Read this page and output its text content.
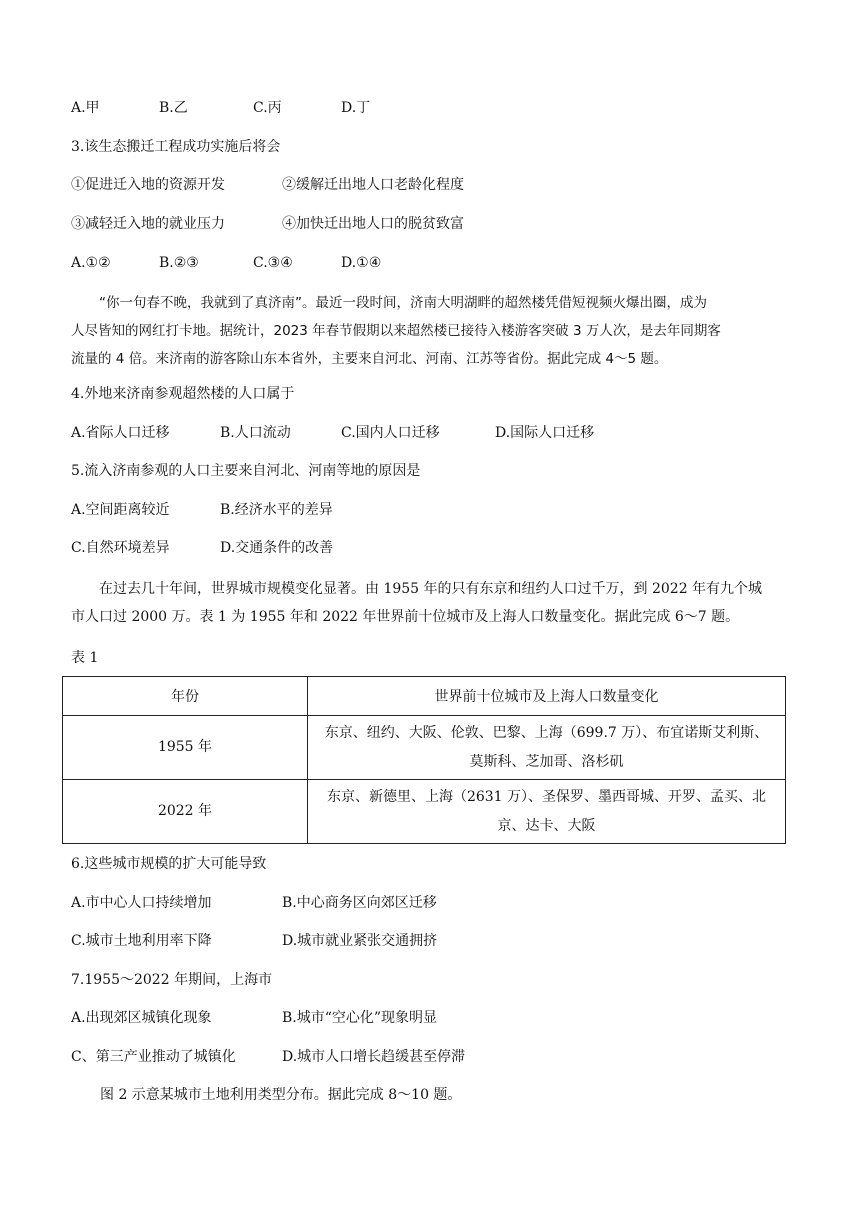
A.甲	B.乙	C.丙	D.丁
3.该生态搬迁工程成功实施后将会
①促进迁入地的资源开发	②缓解迁出地人口老龄化程度
③减轻迁入地的就业压力	④加快迁出地人口的脱贫致富
A.①②	B.②③	C.③④	D.①④
“你一句春不晚，我就到了真济南”。最近一段时间，济南大明湖畔的超然楼凭借短视频火爆出圈，成为
人尽皆知的网红打卡地。据统计，2023 年春节假期以来超然楼已接待入楼游客突破 3 万人次，是去年同期客
流量的 4 倍。来济南的游客除山东本省外，主要来自河北、河南、江苏等省份。据此完成 4～5 题。
4.外地来济南参观超然楼的人口属于
A.省际人口迁移	B.人口流动	C.国内人口迁移	D.国际人口迁移
5.流入济南参观的人口主要来自河北、河南等地的原因是
A.空间距离较近	B.经济水平的差异
C.自然环境差异	D.交通条件的改善
在过去几十年间，世界城市规模变化显著。由 1955 年的只有东京和纽约人口过千万，到 2022 年有九个城
市人口过 2000 万。表 1 为 1955 年和 2022 年世界前十位城市及上海人口数量变化。据此完成 6～7 题。
表 1
年份	世界前十位城市及上海人口数量变化
1955 年	东京、纽约、大阪、伦敦、巴黎、上海（699.7 万）、布宜诺斯艾利斯、
莫斯科、芝加哥、洛杉矶

2022 年	东京、新德里、上海（2631 万）、圣保罗、墨西哥城、开罗、孟买、北
京、达卡、大阪
6.这些城市规模的扩大可能导致
A.市中心人口持续增加	B.中心商务区向郊区迁移
C.城市土地利用率下降	D.城市就业紧张交通拥挤
7.1955～2022 年期间，上海市
A.出现郊区城镇化现象	B.城市“空心化”现象明显
C、第三产业推动了城镇化	D.城市人口增长趋缓甚至停滞
图 2 示意某城市土地利用类型分布。据此完成 8～10 题。
